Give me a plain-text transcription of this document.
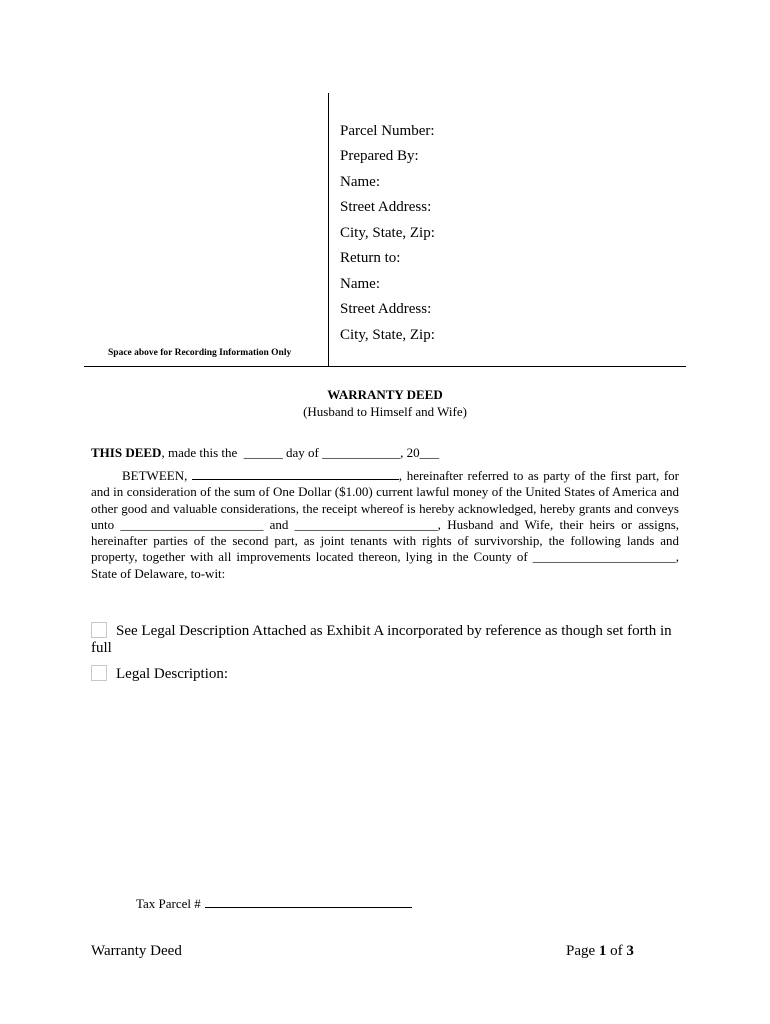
Parcel Number:
Prepared By:
Name:
Street Address:
City, State, Zip:
Return to:
Name:
Street Address:
City, State, Zip:
Space above for Recording Information Only
WARRANTY DEED
(Husband to Himself and Wife)
THIS DEED, made this the  ______ day of ____________, 20___
BETWEEN,	, hereinafter referred to as party of the first part, for and in consideration of the sum of One Dollar ($1.00) current lawful money of the United States of America and other good and valuable considerations, the receipt whereof is hereby acknowledged, hereby grants and conveys unto ______________________ and ______________________, Husband and Wife, their heirs or assigns, hereinafter parties of the second part, as joint tenants with rights of survivorship, the following lands and property, together with all improvements located thereon, lying in the County of ______________________, State of Delaware, to-wit:
See Legal Description Attached as Exhibit A incorporated by reference as though set forth in full
Legal Description:
Tax Parcel #
Warranty Deed	Page 1 of 3
